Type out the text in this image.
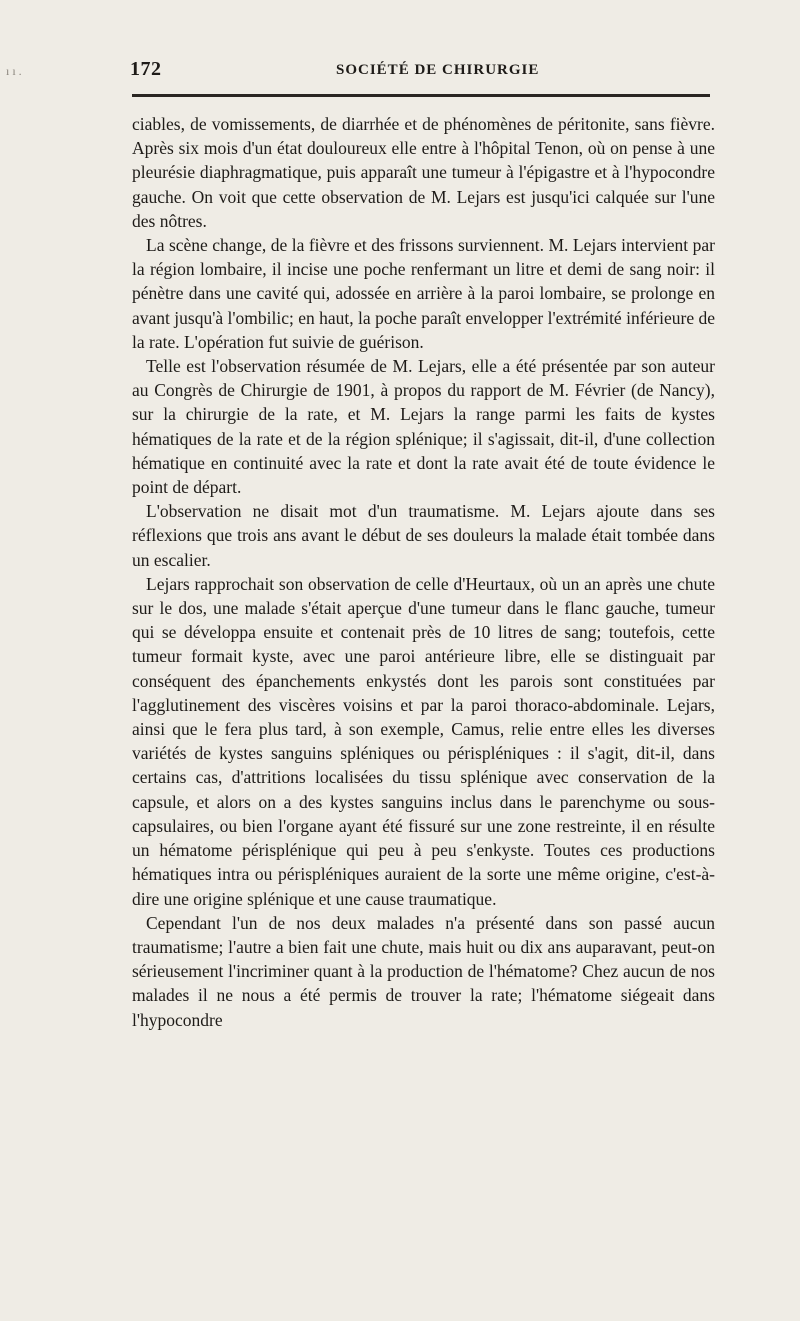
ı ı .	172	SOCIÉTÉ DE CHIRURGIE

ciables, de vomissements, de diarrhée et de phénomènes de péritonite, sans fièvre. Après six mois d'un état douloureux elle entre à l'hôpital Tenon, où on pense à une pleurésie diaphragmatique, puis apparaît une tumeur à l'épigastre et à l'hypocondre gauche. On voit que cette observation de M. Lejars est jusqu'ici calquée sur l'une des nôtres.

La scène change, de la fièvre et des frissons surviennent. M. Lejars intervient par la région lombaire, il incise une poche renfermant un litre et demi de sang noir: il pénètre dans une cavité qui, adossée en arrière à la paroi lombaire, se prolonge en avant jusqu'à l'ombilic; en haut, la poche paraît envelopper l'extrémité inférieure de la rate. L'opération fut suivie de guérison.

Telle est l'observation résumée de M. Lejars, elle a été présentée par son auteur au Congrès de Chirurgie de 1901, à propos du rapport de M. Février (de Nancy), sur la chirurgie de la rate, et M. Lejars la range parmi les faits de kystes hématiques de la rate et de la région splénique; il s'agissait, dit-il, d'une collection hématique en continuité avec la rate et dont la rate avait été de toute évidence le point de départ.

L'observation ne disait mot d'un traumatisme. M. Lejars ajoute dans ses réflexions que trois ans avant le début de ses douleurs la malade était tombée dans un escalier.

Lejars rapprochait son observation de celle d'Heurtaux, où un an après une chute sur le dos, une malade s'était aperçue d'une tumeur dans le flanc gauche, tumeur qui se développa ensuite et contenait près de 10 litres de sang; toutefois, cette tumeur formait kyste, avec une paroi antérieure libre, elle se distinguait par conséquent des épanchements enkystés dont les parois sont constituées par l'agglutinement des viscères voisins et par la paroi thoraco-abdominale. Lejars, ainsi que le fera plus tard, à son exemple, Camus, relie entre elles les diverses variétés de kystes sanguins spléniques ou périspléniques : il s'agit, dit-il, dans certains cas, d'attritions localisées du tissu splénique avec conservation de la capsule, et alors on a des kystes sanguins inclus dans le parenchyme ou sous-capsulaires, ou bien l'organe ayant été fissuré sur une zone restreinte, il en résulte un hématome périsplénique qui peu à peu s'enkyste. Toutes ces productions hématiques intra ou périspléniques auraient de la sorte une même origine, c'est-à-dire une origine splénique et une cause traumatique.

Cependant l'un de nos deux malades n'a présenté dans son passé aucun traumatisme; l'autre a bien fait une chute, mais huit ou dix ans auparavant, peut-on sérieusement l'incriminer quant à la production de l'hématome? Chez aucun de nos malades il ne nous a été permis de trouver la rate; l'hématome siégeait dans l'hypocondre
